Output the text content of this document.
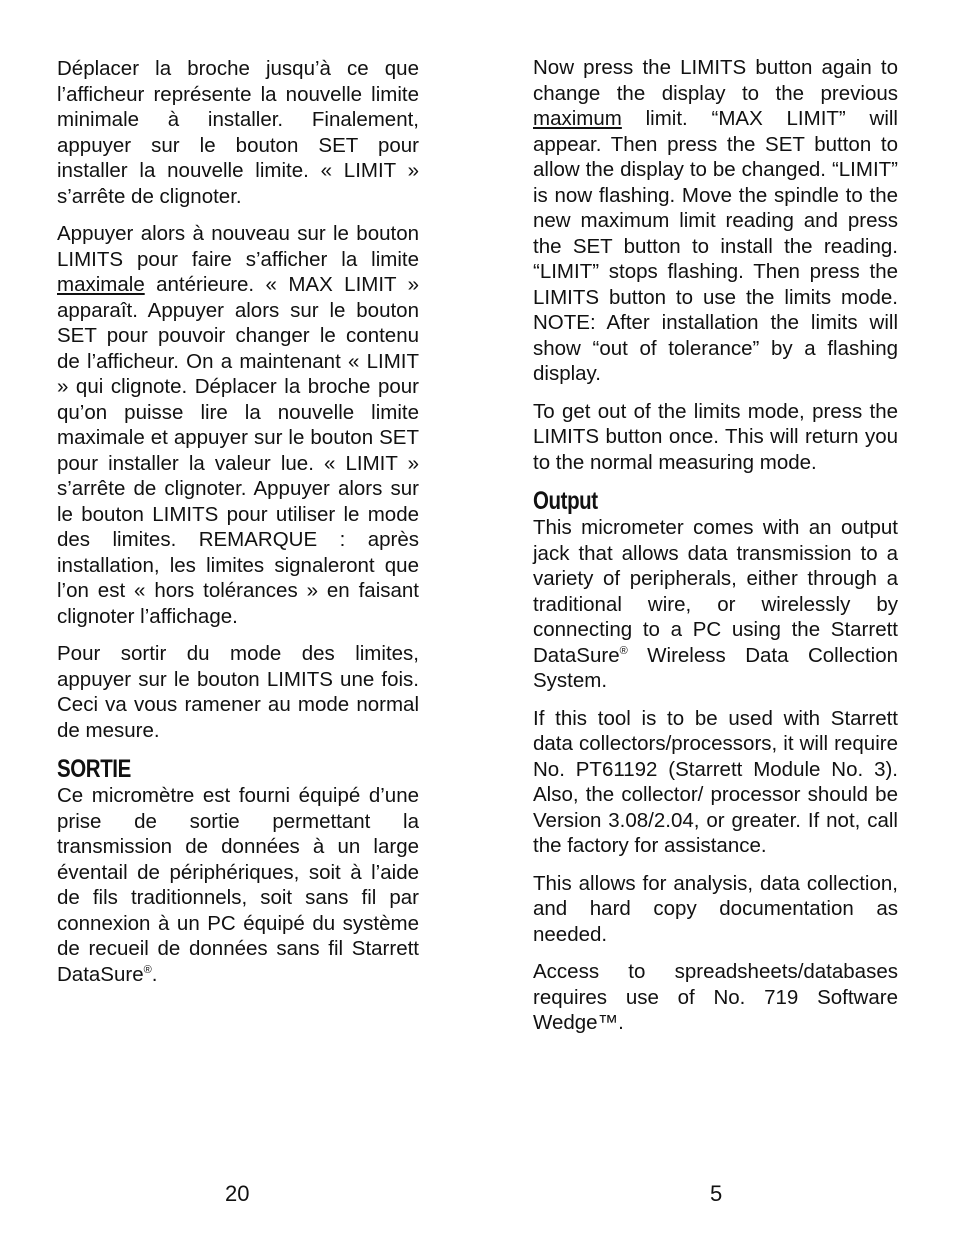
Déplacer la broche jusqu’à ce que l’afficheur représente la nouvelle limite minimale à installer. Finalement, appuyer sur le bouton SET pour installer la nouvelle limite. « LIMIT » s’arrête de clignoter.

Appuyer alors à nouveau sur le bouton LIMITS pour faire s’afficher la limite maximale antérieure. « MAX LIMIT » apparaît. Appuyer alors sur le bouton SET pour pouvoir changer le contenu de l’afficheur. On a maintenant « LIMIT » qui clignote. Déplacer la broche pour qu’on puisse lire la nouvelle limite maximale et appuyer sur le bouton SET pour installer la valeur lue. « LIMIT » s’arrête de clignoter. Appuyer alors sur le bouton LIMITS pour utiliser le mode des limites. REMARQUE : après installation, les limites signaleront que l’on est « hors tolérances » en faisant clignoter l’affichage.

Pour sortir du mode des limites, appuyer sur le bouton LIMITS une fois. Ceci va vous ramener au mode normal de mesure.

SORTIE

Ce micromètre est fourni équipé d’une prise de sortie permettant la transmission de données à un large éventail de périphériques, soit à l’aide de fils traditionnels, soit sans fil par connexion à un PC équipé du système de recueil de données sans fil Starrett DataSure®.

Now press the LIMITS button again to change the display to the previous maximum limit. “MAX LIMIT” will appear. Then press the SET button to allow the display to be changed. “LIMIT” is now flashing. Move the spindle to the new maximum limit reading and press the SET button to install the reading. “LIMIT” stops flashing. Then press the LIMITS button to use the limits mode. NOTE: After installation the limits will show “out of tolerance” by a flashing display.

To get out of the limits mode, press the LIMITS button once. This will return you to the normal measuring mode.

Output

This micrometer comes with an output jack that allows data transmission to a variety of peripherals, either through a traditional wire, or wirelessly by connecting to a PC using the Starrett DataSure® Wireless Data Collection System.

If this tool is to be used with Starrett data collectors/processors, it will require No. PT61192 (Starrett Module No. 3). Also, the collector/ processor should be Version 3.08/2.04, or greater. If not, call the factory for assistance.

This allows for analysis, data collection, and hard copy documentation as needed.

Access to spreadsheets/databases requires use of No. 719 Software Wedge™.

20	5
